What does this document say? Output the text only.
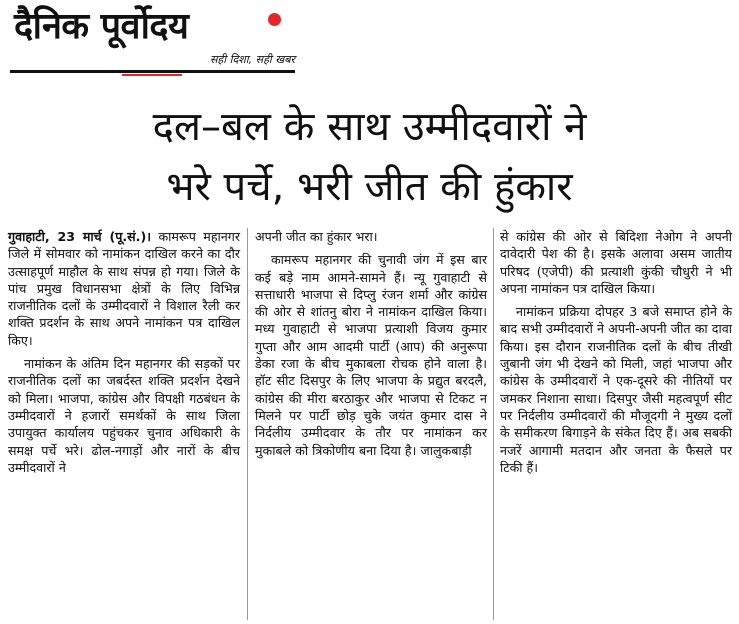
दैनिक पूर्वोदय
सही दिशा, सही खबर
दल–बल के साथ उम्मीदवारों ने
भरे पर्चे, भरी जीत की हुंकार

गुवाहाटी, 23 मार्च (पू.सं.)। कामरूप महानगर जिले में सोमवार को नामांकन दाखिल करने का दौर उत्साहपूर्ण माहौल के साथ संपन्न हो गया। जिले के पांच प्रमुख विधानसभा क्षेत्रों के लिए विभिन्न राजनीतिक दलों के उम्मीदवारों ने विशाल रैली कर शक्ति प्रदर्शन के साथ अपने नामांकन पत्र दाखिल किए।

नामांकन के अंतिम दिन महानगर की सड़कों पर राजनीतिक दलों का जबर्दस्त शक्ति प्रदर्शन देखने को मिला। भाजपा, कांग्रेस और विपक्षी गठबंधन के उम्मीदवारों ने हजारों समर्थकों के साथ जिला उपायुक्त कार्यालय पहुंचकर चुनाव अधिकारी के समक्ष पर्चे भरे। ढोल-नगाड़ों और नारों के बीच उम्मीदवारों ने

अपनी जीत का हुंकार भरा।

कामरूप महानगर की चुनावी जंग में इस बार कई बड़े नाम आमने-सामने हैं। न्यू गुवाहाटी से सत्ताधारी भाजपा से दिप्लु रंजन शर्मा और कांग्रेस की ओर से शांतनु बोरा ने नामांकन दाखिल किया। मध्य गुवाहाटी से भाजपा प्रत्याशी विजय कुमार गुप्ता और आम आदमी पार्टी (आप) की अनुरूपा डेका रजा के बीच मुकाबला रोचक होने वाला है। हॉट सीट दिसपुर के लिए भाजपा के प्रद्युत बरदलै, कांग्रेस की मीरा बरठाकुर और भाजपा से टिकट न मिलने पर पार्टी छोड़ चुके जयंत कुमार दास ने निर्दलीय उम्मीदवार के तौर पर नामांकन कर मुकाबले को त्रिकोणीय बना दिया है। जालुकबाड़ी

से कांग्रेस की ओर से बिदिशा नेओग ने अपनी दावेदारी पेश की है। इसके अलावा असम जातीय परिषद (एजेपी) की प्रत्याशी कुंकी चौधुरी ने भी अपना नामांकन पत्र दाखिल किया।

नामांकन प्रक्रिया दोपहर 3 बजे समाप्त होने के बाद सभी उम्मीदवारों ने अपनी-अपनी जीत का दावा किया। इस दौरान राजनीतिक दलों के बीच तीखी जुबानी जंग भी देखने को मिली, जहां भाजपा और कांग्रेस के उम्मीदवारों ने एक-दूसरे की नीतियों पर जमकर निशाना साधा। दिसपुर जैसी महत्वपूर्ण सीट पर निर्दलीय उम्मीदवारों की मौजूदगी ने मुख्य दलों के समीकरण बिगाड़ने के संकेत दिए हैं। अब सबकी नजरें आगामी मतदान और जनता के फैसले पर टिकी हैं।
